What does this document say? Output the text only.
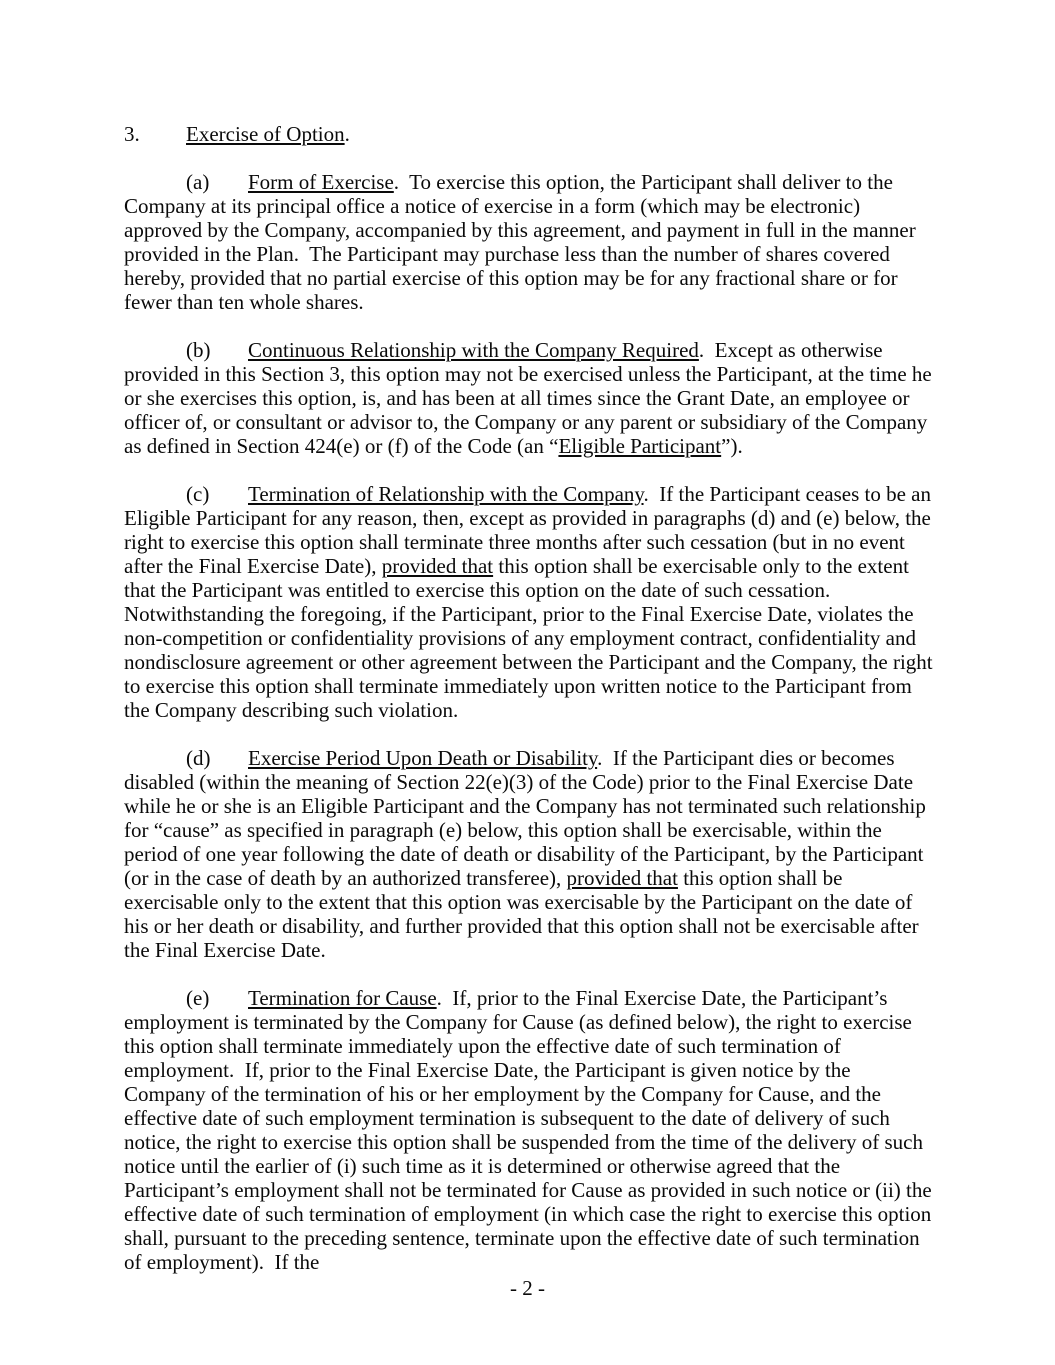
3. Exercise of Option.

(a) Form of Exercise.  To exercise this option, the Participant shall deliver to the Company at its principal office a notice of exercise in a form (which may be electronic) approved by the Company, accompanied by this agreement, and payment in full in the manner provided in the Plan.  The Participant may purchase less than the number of shares covered hereby, provided that no partial exercise of this option may be for any fractional share or for fewer than ten whole shares.

(b) Continuous Relationship with the Company Required.  Except as otherwise provided in this Section 3, this option may not be exercised unless the Participant, at the time he or she exercises this option, is, and has been at all times since the Grant Date, an employee or officer of, or consultant or advisor to, the Company or any parent or subsidiary of the Company as defined in Section 424(e) or (f) of the Code (an “Eligible Participant”).

(c) Termination of Relationship with the Company.  If the Participant ceases to be an Eligible Participant for any reason, then, except as provided in paragraphs (d) and (e) below, the right to exercise this option shall terminate three months after such cessation (but in no event after the Final Exercise Date), provided that this option shall be exercisable only to the extent that the Participant was entitled to exercise this option on the date of such cessation.  Notwithstanding the foregoing, if the Participant, prior to the Final Exercise Date, violates the non-competition or confidentiality provisions of any employment contract, confidentiality and nondisclosure agreement or other agreement between the Participant and the Company, the right to exercise this option shall terminate immediately upon written notice to the Participant from the Company describing such violation.

(d) Exercise Period Upon Death or Disability.  If the Participant dies or becomes disabled (within the meaning of Section 22(e)(3) of the Code) prior to the Final Exercise Date while he or she is an Eligible Participant and the Company has not terminated such relationship for “cause” as specified in paragraph (e) below, this option shall be exercisable, within the period of one year following the date of death or disability of the Participant, by the Participant (or in the case of death by an authorized transferee), provided that this option shall be exercisable only to the extent that this option was exercisable by the Participant on the date of his or her death or disability, and further provided that this option shall not be exercisable after the Final Exercise Date.

(e) Termination for Cause.  If, prior to the Final Exercise Date, the Participant’s employment is terminated by the Company for Cause (as defined below), the right to exercise this option shall terminate immediately upon the effective date of such termination of employment.  If, prior to the Final Exercise Date, the Participant is given notice by the Company of the termination of his or her employment by the Company for Cause, and the effective date of such employment termination is subsequent to the date of delivery of such notice, the right to exercise this option shall be suspended from the time of the delivery of such notice until the earlier of (i) such time as it is determined or otherwise agreed that the Participant’s employment shall not be terminated for Cause as provided in such notice or (ii) the effective date of such termination of employment (in which case the right to exercise this option shall, pursuant to the preceding sentence, terminate upon the effective date of such termination of employment).  If the

- 2 -
